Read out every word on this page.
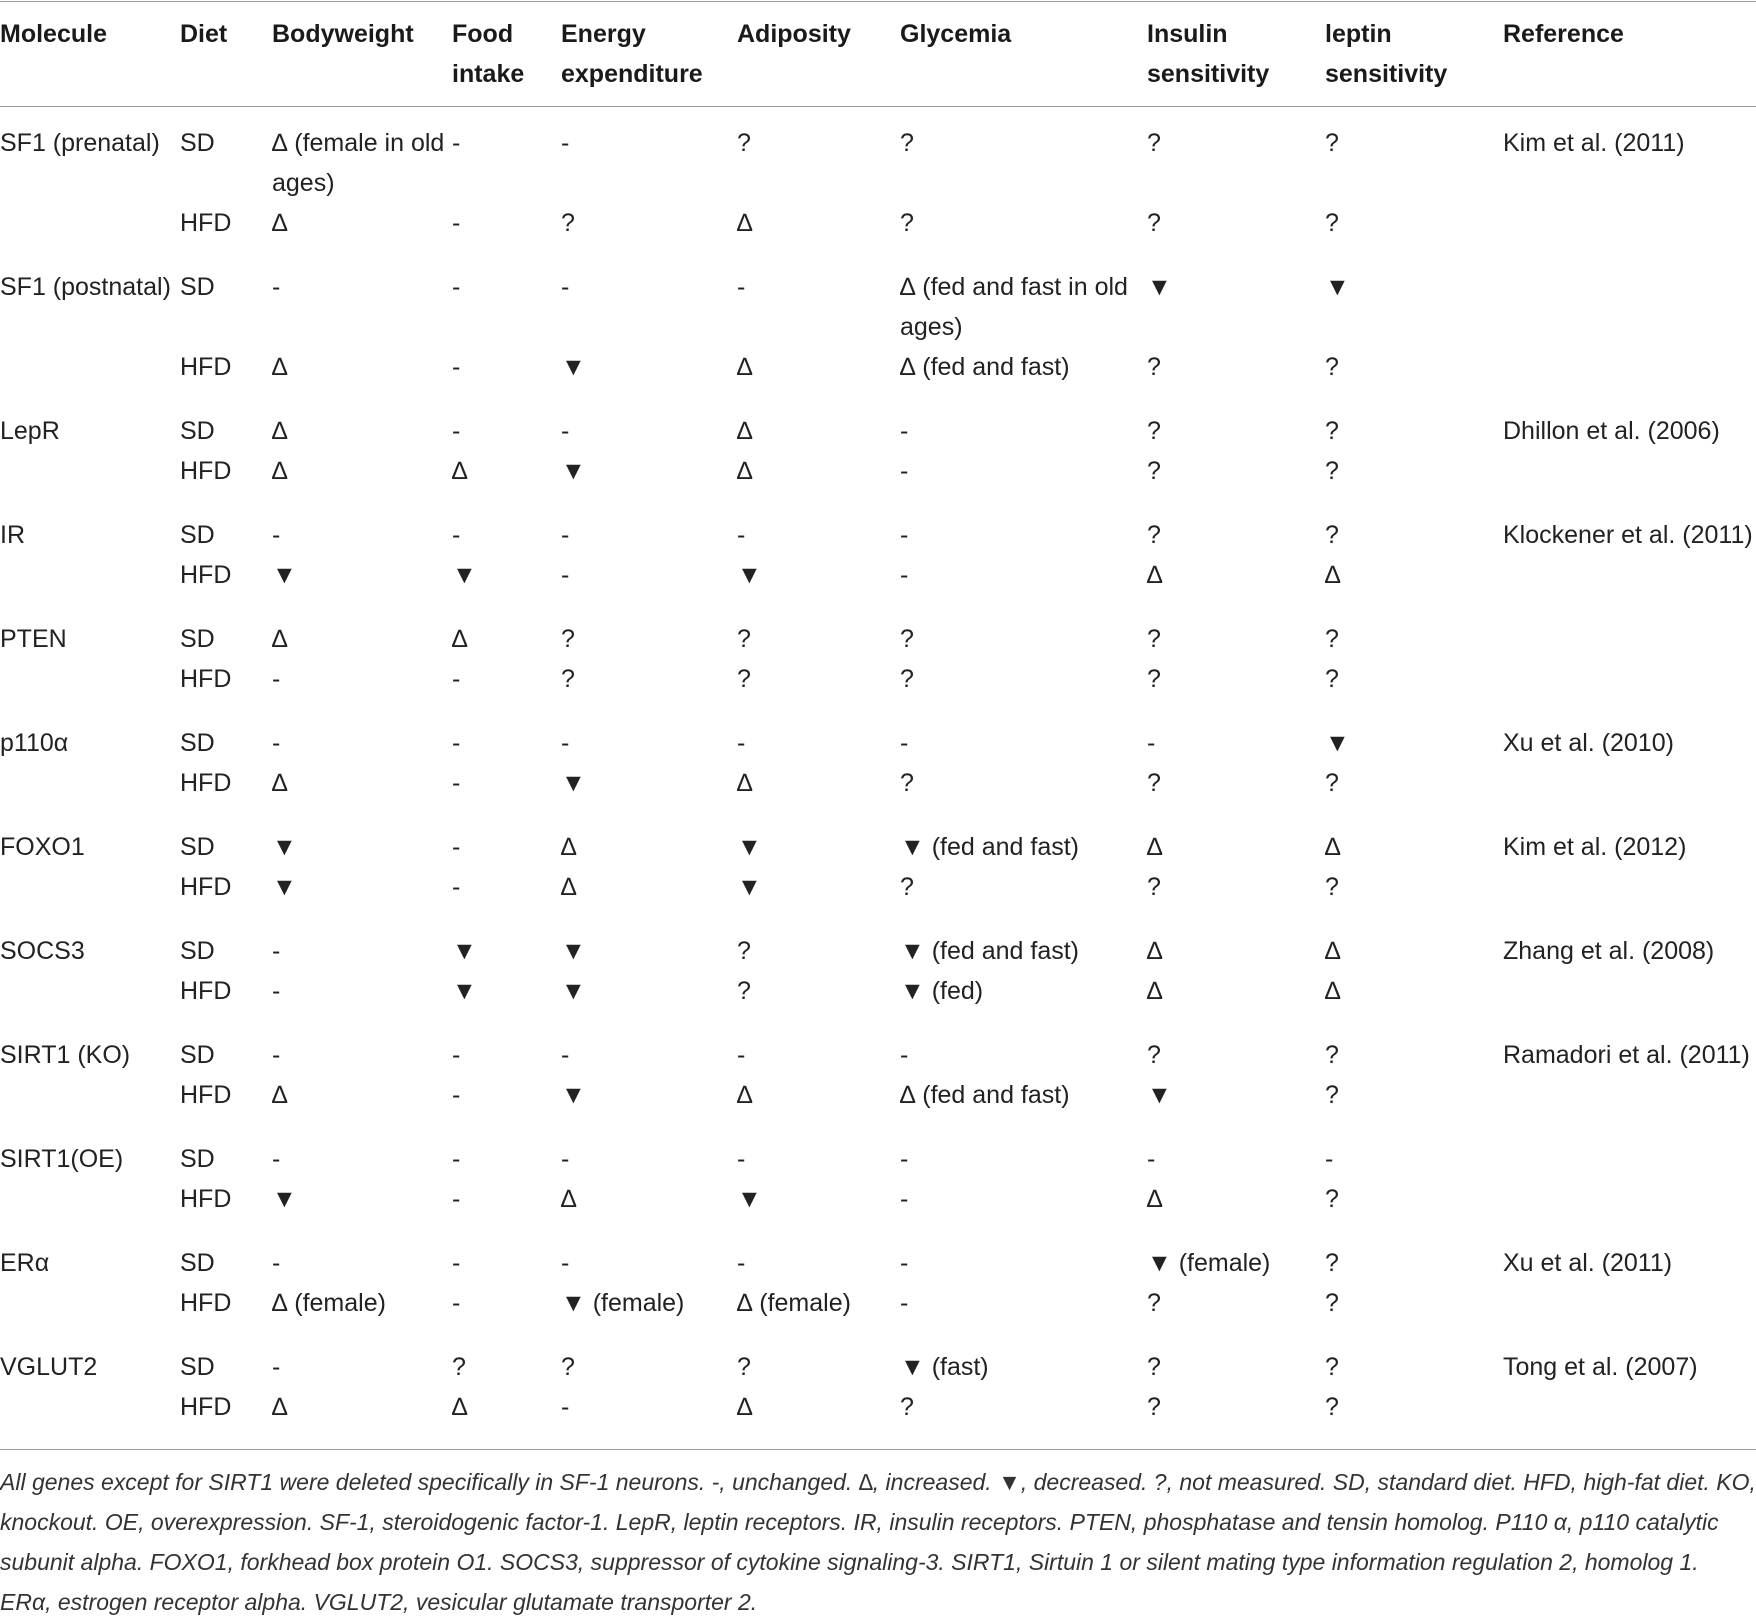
Molecule	Diet	Bodyweight	Food intake	Energy expenditure	Adiposity	Glycemia	Insulin sensitivity	leptin sensitivity	Reference
SF1 (prenatal)	SD	∆ (female in old ages)	-	-	?	?	?	?	Kim et al. (2011)
	HFD	∆	-	?	∆	?	?	?	
SF1 (postnatal)	SD	-	-	-	-	∆ (fed and fast in old ages)	▼	▼	
	HFD	∆	-	▼	∆	∆ (fed and fast)	?	?	
LepR	SD	∆	-	-	∆	-	?	?	Dhillon et al. (2006)
	HFD	∆	∆	▼	∆	-	?	?	
IR	SD	-	-	-	-	-	?	?	Klockener et al. (2011)
	HFD	▼	▼	-	▼	-	∆	∆	
PTEN	SD	∆	∆	?	?	?	?	?	
	HFD	-	-	?	?	?	?	?	
p110α	SD	-	-	-	-	-	-	▼	Xu et al. (2010)
	HFD	∆	-	▼	∆	?	?	?	
FOXO1	SD	▼	-	∆	▼	▼ (fed and fast)	∆	∆	Kim et al. (2012)
	HFD	▼	-	∆	▼	?	?	?	
SOCS3	SD	-	▼	▼	?	▼ (fed and fast)	∆	∆	Zhang et al. (2008)
	HFD	-	▼	▼	?	▼ (fed)	∆	∆	
SIRT1 (KO)	SD	-	-	-	-	-	?	?	Ramadori et al. (2011)
	HFD	∆	-	▼	∆	∆ (fed and fast)	▼	?	
SIRT1(OE)	SD	-	-	-	-	-	-	-	
	HFD	▼	-	∆	▼	-	∆	?	
ERα	SD	-	-	-	-	-	▼ (female)	?	Xu et al. (2011)
	HFD	∆ (female)	-	▼ (female)	∆ (female)	-	?	?	
VGLUT2	SD	-	?	?	?	▼ (fast)	?	?	Tong et al. (2007)
	HFD	∆	∆	-	∆	?	?	?	

All genes except for SIRT1 were deleted specifically in SF-1 neurons. -, unchanged. ∆, increased. ▼, decreased. ?, not measured. SD, standard diet. HFD, high-fat diet. KO, knockout. OE, overexpression. SF-1, steroidogenic factor-1. LepR, leptin receptors. IR, insulin receptors. PTEN, phosphatase and tensin homolog. P110 α, p110 catalytic subunit alpha. FOXO1, forkhead box protein O1. SOCS3, suppressor of cytokine signaling-3. SIRT1, Sirtuin 1 or silent mating type information regulation 2, homolog 1. ERα, estrogen receptor alpha. VGLUT2, vesicular glutamate transporter 2.
